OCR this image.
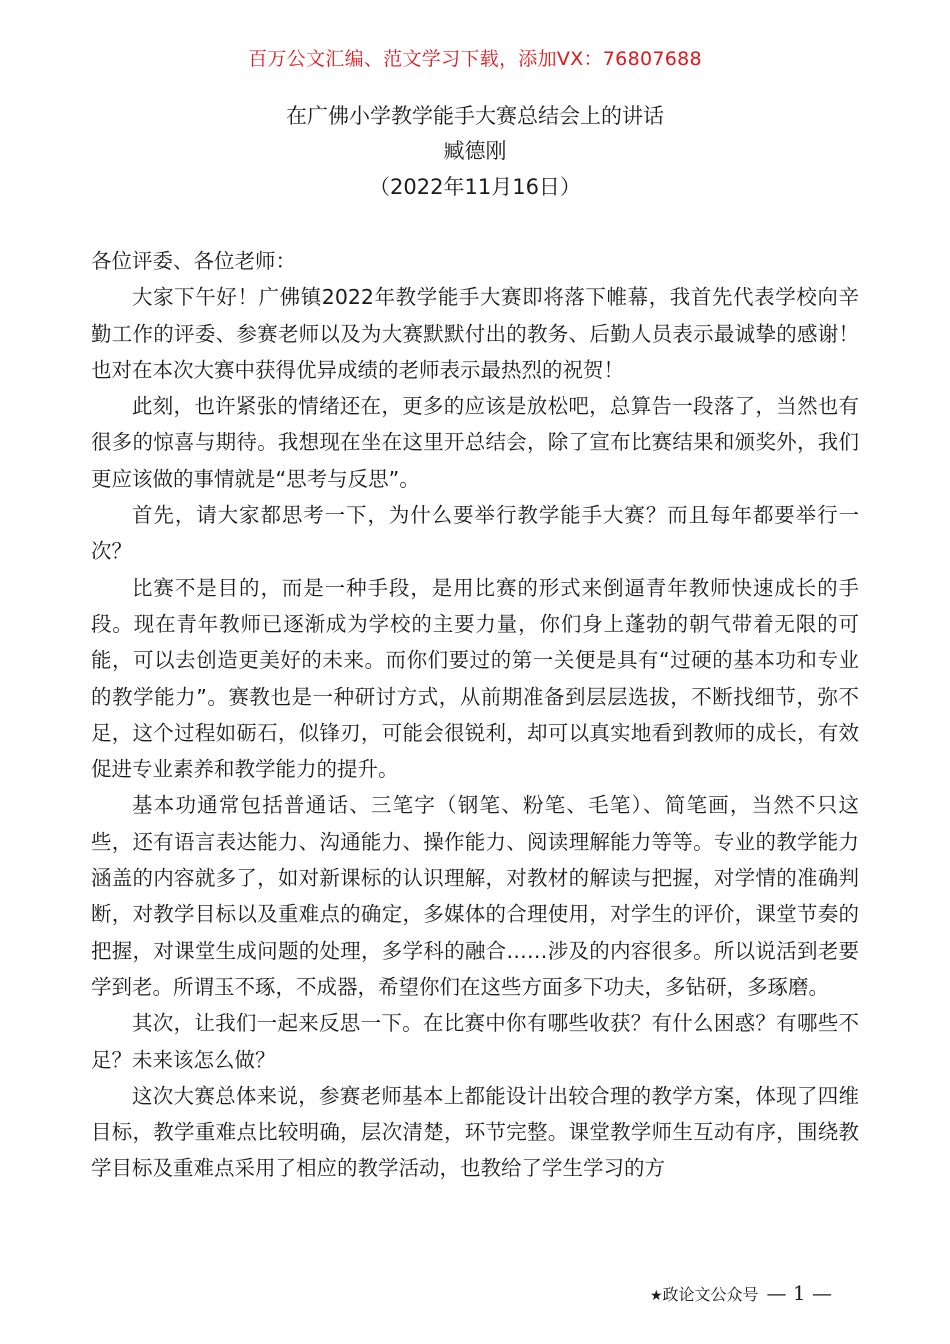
百万公文汇编、范文学习下载，添加VX：76807688
在广佛小学教学能手大赛总结会上的讲话
臧德刚
（2022年11月16日）

各位评委、各位老师：

大家下午好！广佛镇2022年教学能手大赛即将落下帷幕，我首先代表学校向辛勤工作的评委、参赛老师以及为大赛默默付出的教务、后勤人员表示最诚挚的感谢！也对在本次大赛中获得优异成绩的老师表示最热烈的祝贺！

此刻，也许紧张的情绪还在，更多的应该是放松吧，总算告一段落了，当然也有很多的惊喜与期待。我想现在坐在这里开总结会，除了宣布比赛结果和颁奖外，我们更应该做的事情就是“思考与反思”。

首先，请大家都思考一下，为什么要举行教学能手大赛？而且每年都要举行一次？

比赛不是目的，而是一种手段，是用比赛的形式来倒逼青年教师快速成长的手段。现在青年教师已逐渐成为学校的主要力量，你们身上蓬勃的朝气带着无限的可能，可以去创造更美好的未来。而你们要过的第一关便是具有“过硬的基本功和专业的教学能力”。赛教也是一种研讨方式，从前期准备到层层选拔，不断找细节，弥不足，这个过程如砺石，似锋刃，可能会很锐利，却可以真实地看到教师的成长，有效促进专业素养和教学能力的提升。

基本功通常包括普通话、三笔字（钢笔、粉笔、毛笔）、简笔画，当然不只这些，还有语言表达能力、沟通能力、操作能力、阅读理解能力等等。专业的教学能力涵盖的内容就多了，如对新课标的认识理解，对教材的解读与把握，对学情的准确判断，对教学目标以及重难点的确定，多媒体的合理使用，对学生的评价，课堂节奏的把握，对课堂生成问题的处理，多学科的融合……涉及的内容很多。所以说活到老要学到老。所谓玉不琢，不成器，希望你们在这些方面多下功夫，多钻研，多琢磨。

其次，让我们一起来反思一下。在比赛中你有哪些收获？有什么困惑？有哪些不足？未来该怎么做？

这次大赛总体来说，参赛老师基本上都能设计出较合理的教学方案，体现了四维目标，教学重难点比较明确，层次清楚，环节完整。课堂教学师生互动有序，围绕教学目标及重难点采用了相应的教学活动，也教给了学生学习的方

★政论文公众号 — 1 —
